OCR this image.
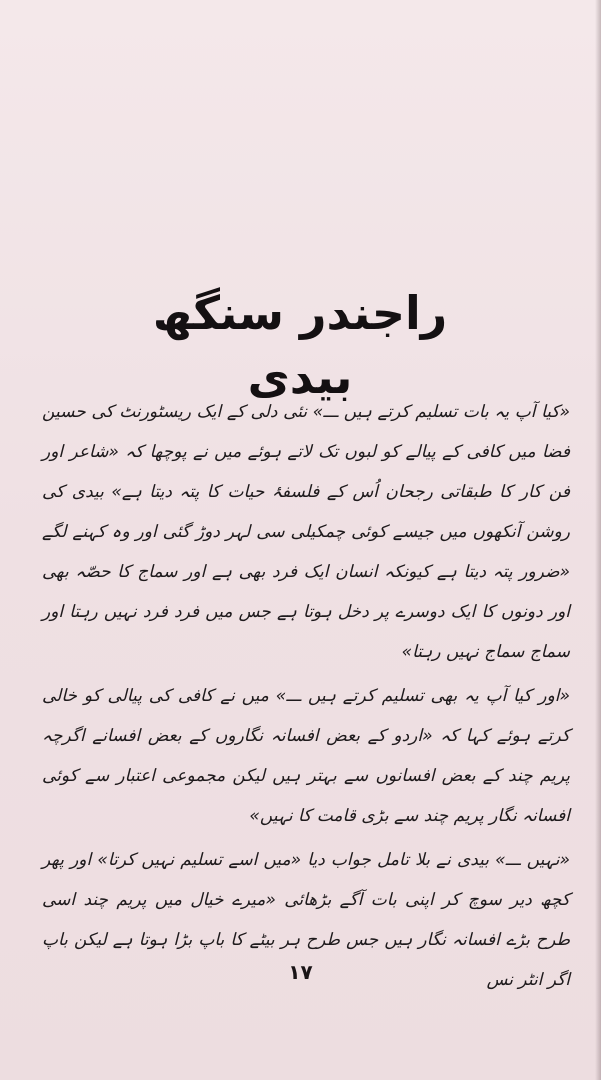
راجندر سنگھ بیدی

«کیا آپ یہ بات تسلیم کرتے ہیں ـــ» نئی دلی کے ایک ریسٹورنٹ کی حسین فضا میں کافی کے پیالے کو لبوں تک لاتے ہوئے میں نے پوچھا کہ «شاعر اور فن کار کا طبقاتی رجحان اُس کے فلسفۂ حیات کا پتہ دیتا ہے» بیدی کی روشن آنکھوں میں جیسے کوئی چمکیلی سی لہر دوڑ گئی اور وہ کہنے لگے «ضرور پتہ دیتا ہے کیونکہ انسان ایک فرد بھی ہے اور سماج کا حصّہ بھی اور دونوں کا ایک دوسرے پر دخل ہوتا ہے جس میں فرد فرد نہیں رہتا اور سماج سماج نہیں رہتا»

«اور کیا آپ یہ بھی تسلیم کرتے ہیں ـــ» میں نے کافی کی پیالی کو خالی کرتے ہوئے کہا کہ «اردو کے بعض افسانہ نگاروں کے بعض افسانے اگرچہ پریم چند کے بعض افسانوں سے بہتر ہیں لیکن مجموعی اعتبار سے کوئی افسانہ نگار پریم چند سے بڑی قامت کا نہیں»

«نہیں ـــ» بیدی نے بلا تامل جواب دیا «میں اسے تسلیم نہیں کرتا» اور پھر کچھ دیر سوچ کر اپنی بات آگے بڑھائی «میرے خیال میں پریم چند اسی طرح بڑے افسانہ نگار ہیں جس طرح ہر بیٹے کا باپ بڑا ہوتا ہے لیکن باپ اگر انٹر نس

۱۷
